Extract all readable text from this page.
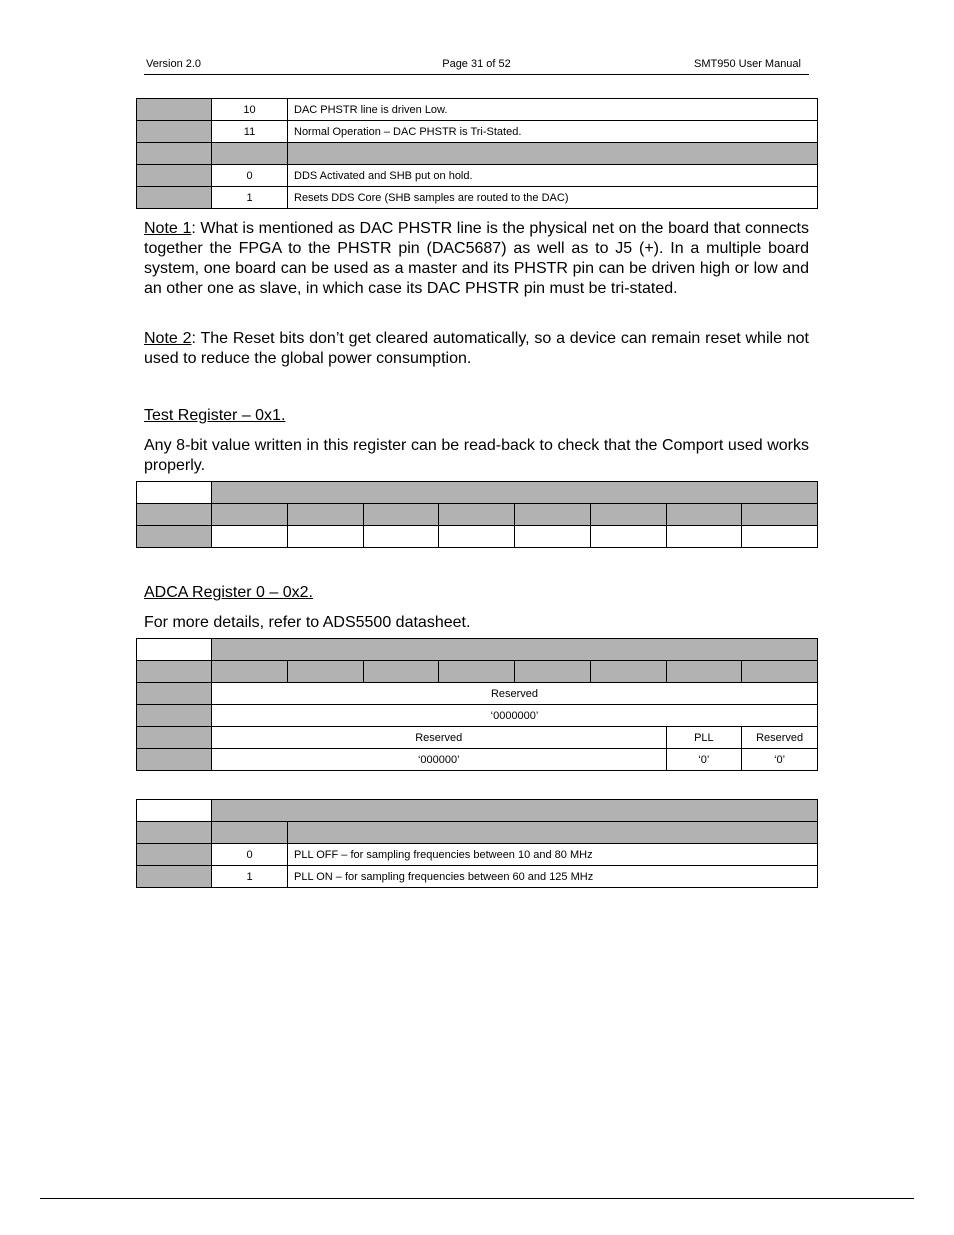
Version 2.0	Page 31 of 52	SMT950 User Manual
	10	DAC PHSTR line is driven Low.
	11	Normal Operation – DAC PHSTR is Tri-Stated.

	0	DDS Activated and SHB put on hold.
	1	Resets DDS Core (SHB samples are routed to the DAC)
Note 1: What is mentioned as DAC PHSTR line is the physical net on the board that connects together the FPGA to the PHSTR pin (DAC5687) as well as to J5 (+). In a multiple board system, one board can be used as a master and its PHSTR pin can be driven high or low and an other one as slave, in which case its DAC PHSTR pin must be tri-stated.
Note 2: The Reset bits don’t get cleared automatically, so a device can remain reset while not used to reduce the global power consumption.
Test Register – 0x1.
Any 8-bit value written in this register can be read-back to check that the Comport used works properly.

ADCA Register 0 – 0x2.
For more details, refer to ADS5500 datasheet.

	Reserved							
	‘0000000’							
	Reserved						PLL	Reserved
	‘000000’						‘0’	‘0’

	0	PLL OFF – for sampling frequencies between 10 and 80 MHz
	1	PLL ON – for sampling frequencies between 60 and 125 MHz
